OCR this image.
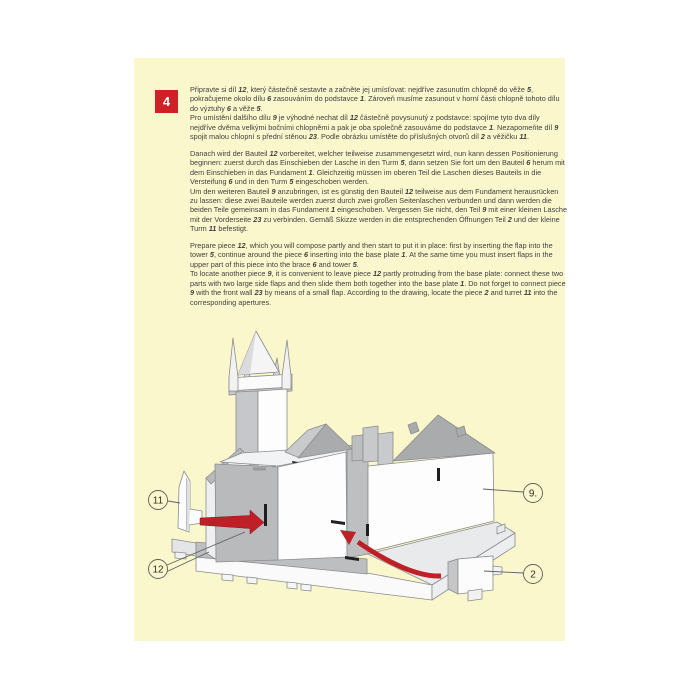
4

Připravte si díl 12, který částečně sestavte a začněte jej umísťovat: nejdříve zasunutím chlopně do věže 5, pokračujeme okolo dílu 6 zasouváním do podstavce 1. Zároveň musíme zasunout v horní části chlopně tohoto dílu do výztuhy 6 a věže 5.
Pro umístění dalšího dílu 9 je výhodné nechat díl 12 částečně povysunutý z podstavce: spojíme tyto dva díly nejdříve dvěma velkými bočními chlopněmi a pak je oba společně zasouváme do podstavce 1. Nezapomeňte díl 9 spojit malou chlopní s přední stěnou 23. Podle obrázku umístěte do příslušných otvorů díl 2 a věžičku 11.

Danach wird der Bauteil 12 vorbereitet, welcher teilweise zusammengesetzt wird, nun kann dessen Positionierung beginnen: zuerst durch das Einschieben der Lasche in den Turm 5, dann setzen Sie fort um den Bauteil 6 herum mit dem Einschieben in das Fundament 1. Gleichzeitig müssen im oberen Teil die Laschen dieses Bauteils in die Versteifung 6 und in den Turm 5 eingeschoben werden.
Um den weiteren Bauteil 9 anzubringen, ist es günstig den Bauteil 12 teilweise aus dem Fundament herausrücken zu lassen: diese zwei Bauteile werden zuerst durch zwei großen Seitenlaschen verbunden und dann werden die beiden Teile gemeinsam in das Fundament 1 eingeschoben. Vergessen Sie nicht, den Teil 9 mit einer kleinen Lasche mit der Vorderseite 23 zu verbinden. Gemäß Skizze werden in die entsprechenden Öffnungen Teil 2 und der kleine Turm 11 befestigt.

Prepare piece 12, which you will compose partly and then start to put it in place: first by inserting the flap into the tower 5, continue around the piece 6 inserting into the base plate 1. At the same time you must insert flaps in the upper part of this piece into the brace 6 and tower 5.
To locate another piece 9, it is convenient to leave piece 12 partly protruding from the base plate: connect these two parts with two large side flaps and then slide them both together into the base plate 1. Do not forget to connect piece 9 with the front wall 23 by means of a small flap. According to the drawing, locate the piece 2 and turret 11 into the corresponding apertures.

11
12
9.
2
